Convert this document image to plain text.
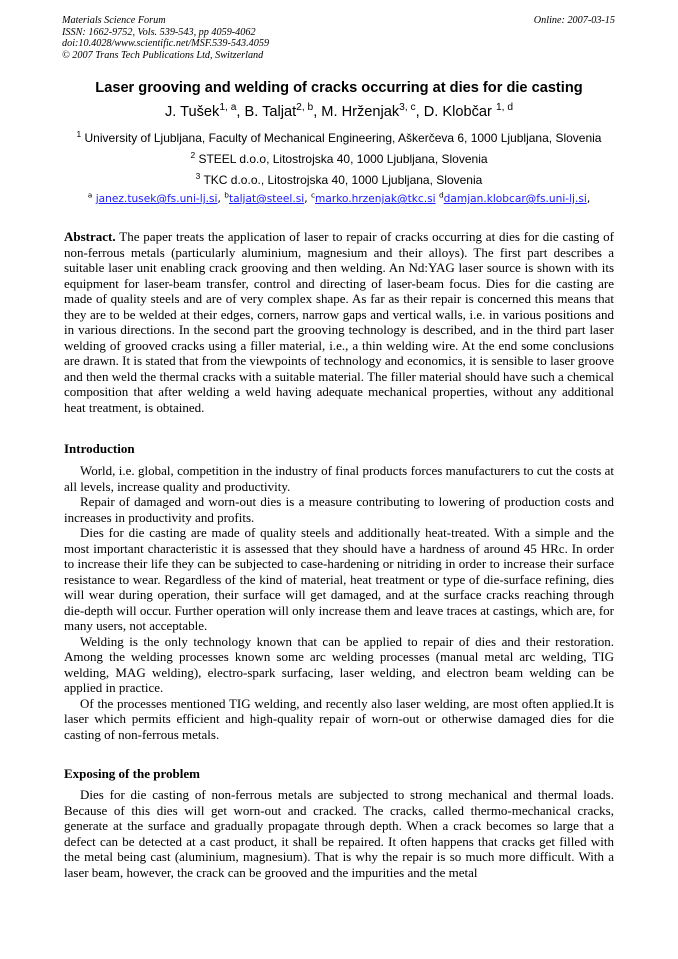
Materials Science Forum
ISSN: 1662-9752, Vols. 539-543, pp 4059-4062
doi:10.4028/www.scientific.net/MSF.539-543.4059
© 2007 Trans Tech Publications Ltd, Switzerland
Online: 2007-03-15
Laser grooving and welding of cracks occurring at dies for die casting
J. Tušek$^{1, a}$, B. Taljat$^{2, b}$, M. Hrženjak$^{3, c}$, D. Klobčar $^{1, d}$
$^1$ University of Ljubljana, Faculty of Mechanical Engineering, Aškerčeva 6, 1000 Ljubljana, Slovenia
$^2$ STEEL d.o.o, Litostrojska 40, 1000 Ljubljana, Slovenia
$^3$ TKC d.o.o., Litostrojska 40, 1000 Ljubljana, Slovenia
$^a$ janez.tusek@fs.uni-lj.si, $^b$taljat@steel.si, $^c$marko.hrzenjak@tkc.si $^d$damjan.klobcar@fs.uni-lj.si,

Abstract. The paper treats the application of laser to repair of cracks occurring at dies for die casting of non-ferrous metals (particularly aluminium, magnesium and their alloys). The first part describes a suitable laser unit enabling crack grooving and then welding. An Nd:YAG laser source is shown with its equipment for laser-beam transfer, control and directing of laser-beam focus. Dies for die casting are made of quality steels and are of very complex shape. As far as their repair is concerned this means that they are to be welded at their edges, corners, narrow gaps and vertical walls, i.e. in various positions and in various directions. In the second part the grooving technology is described, and in the third part laser welding of grooved cracks using a filler material, i.e., a thin welding wire. At the end some conclusions are drawn. It is stated that from the viewpoints of technology and economics, it is sensible to laser groove and then weld the thermal cracks with a suitable material. The filler material should have such a chemical composition that after welding a weld having adequate mechanical properties, without any additional heat treatment, is obtained.

Introduction

World, i.e. global, competition in the industry of final products forces manufacturers to cut the costs at all levels, increase quality and productivity.

Repair of damaged and worn-out dies is a measure contributing to lowering of production costs and increases in productivity and profits.

Dies for die casting are made of quality steels and additionally heat-treated. With a simple and the most important characteristic it is assessed that they should have a hardness of around 45 HRc. In order to increase their life they can be subjected to case-hardening or nitriding in order to increase their surface resistance to wear. Regardless of the kind of material, heat treatment or type of die-surface refining, dies will wear during operation, their surface will get damaged, and at the surface cracks reaching through die-depth will occur. Further operation will only increase them and leave traces at castings, which are, for many users, not acceptable.

Welding is the only technology known that can be applied to repair of dies and their restoration. Among the welding processes known some arc welding processes (manual metal arc welding, TIG welding, MAG welding), electro-spark surfacing, laser welding, and electron beam welding can be applied in practice.

Of the processes mentioned TIG welding, and recently also laser welding, are most often applied.It is laser which permits efficient and high-quality repair of worn-out or otherwise damaged dies for die casting of non-ferrous metals.

Exposing of the problem

Dies for die casting of non-ferrous metals are subjected to strong mechanical and thermal loads. Because of this dies will get worn-out and cracked. The cracks, called thermo-mechanical cracks, generate at the surface and gradually propagate through depth. When a crack becomes so large that a defect can be detected at a cast product, it shall be repaired. It often happens that cracks get filled with the metal being cast (aluminium, magnesium). That is why the repair is so much more difficult. With a laser beam, however, the crack can be grooved and the impurities and the metal
